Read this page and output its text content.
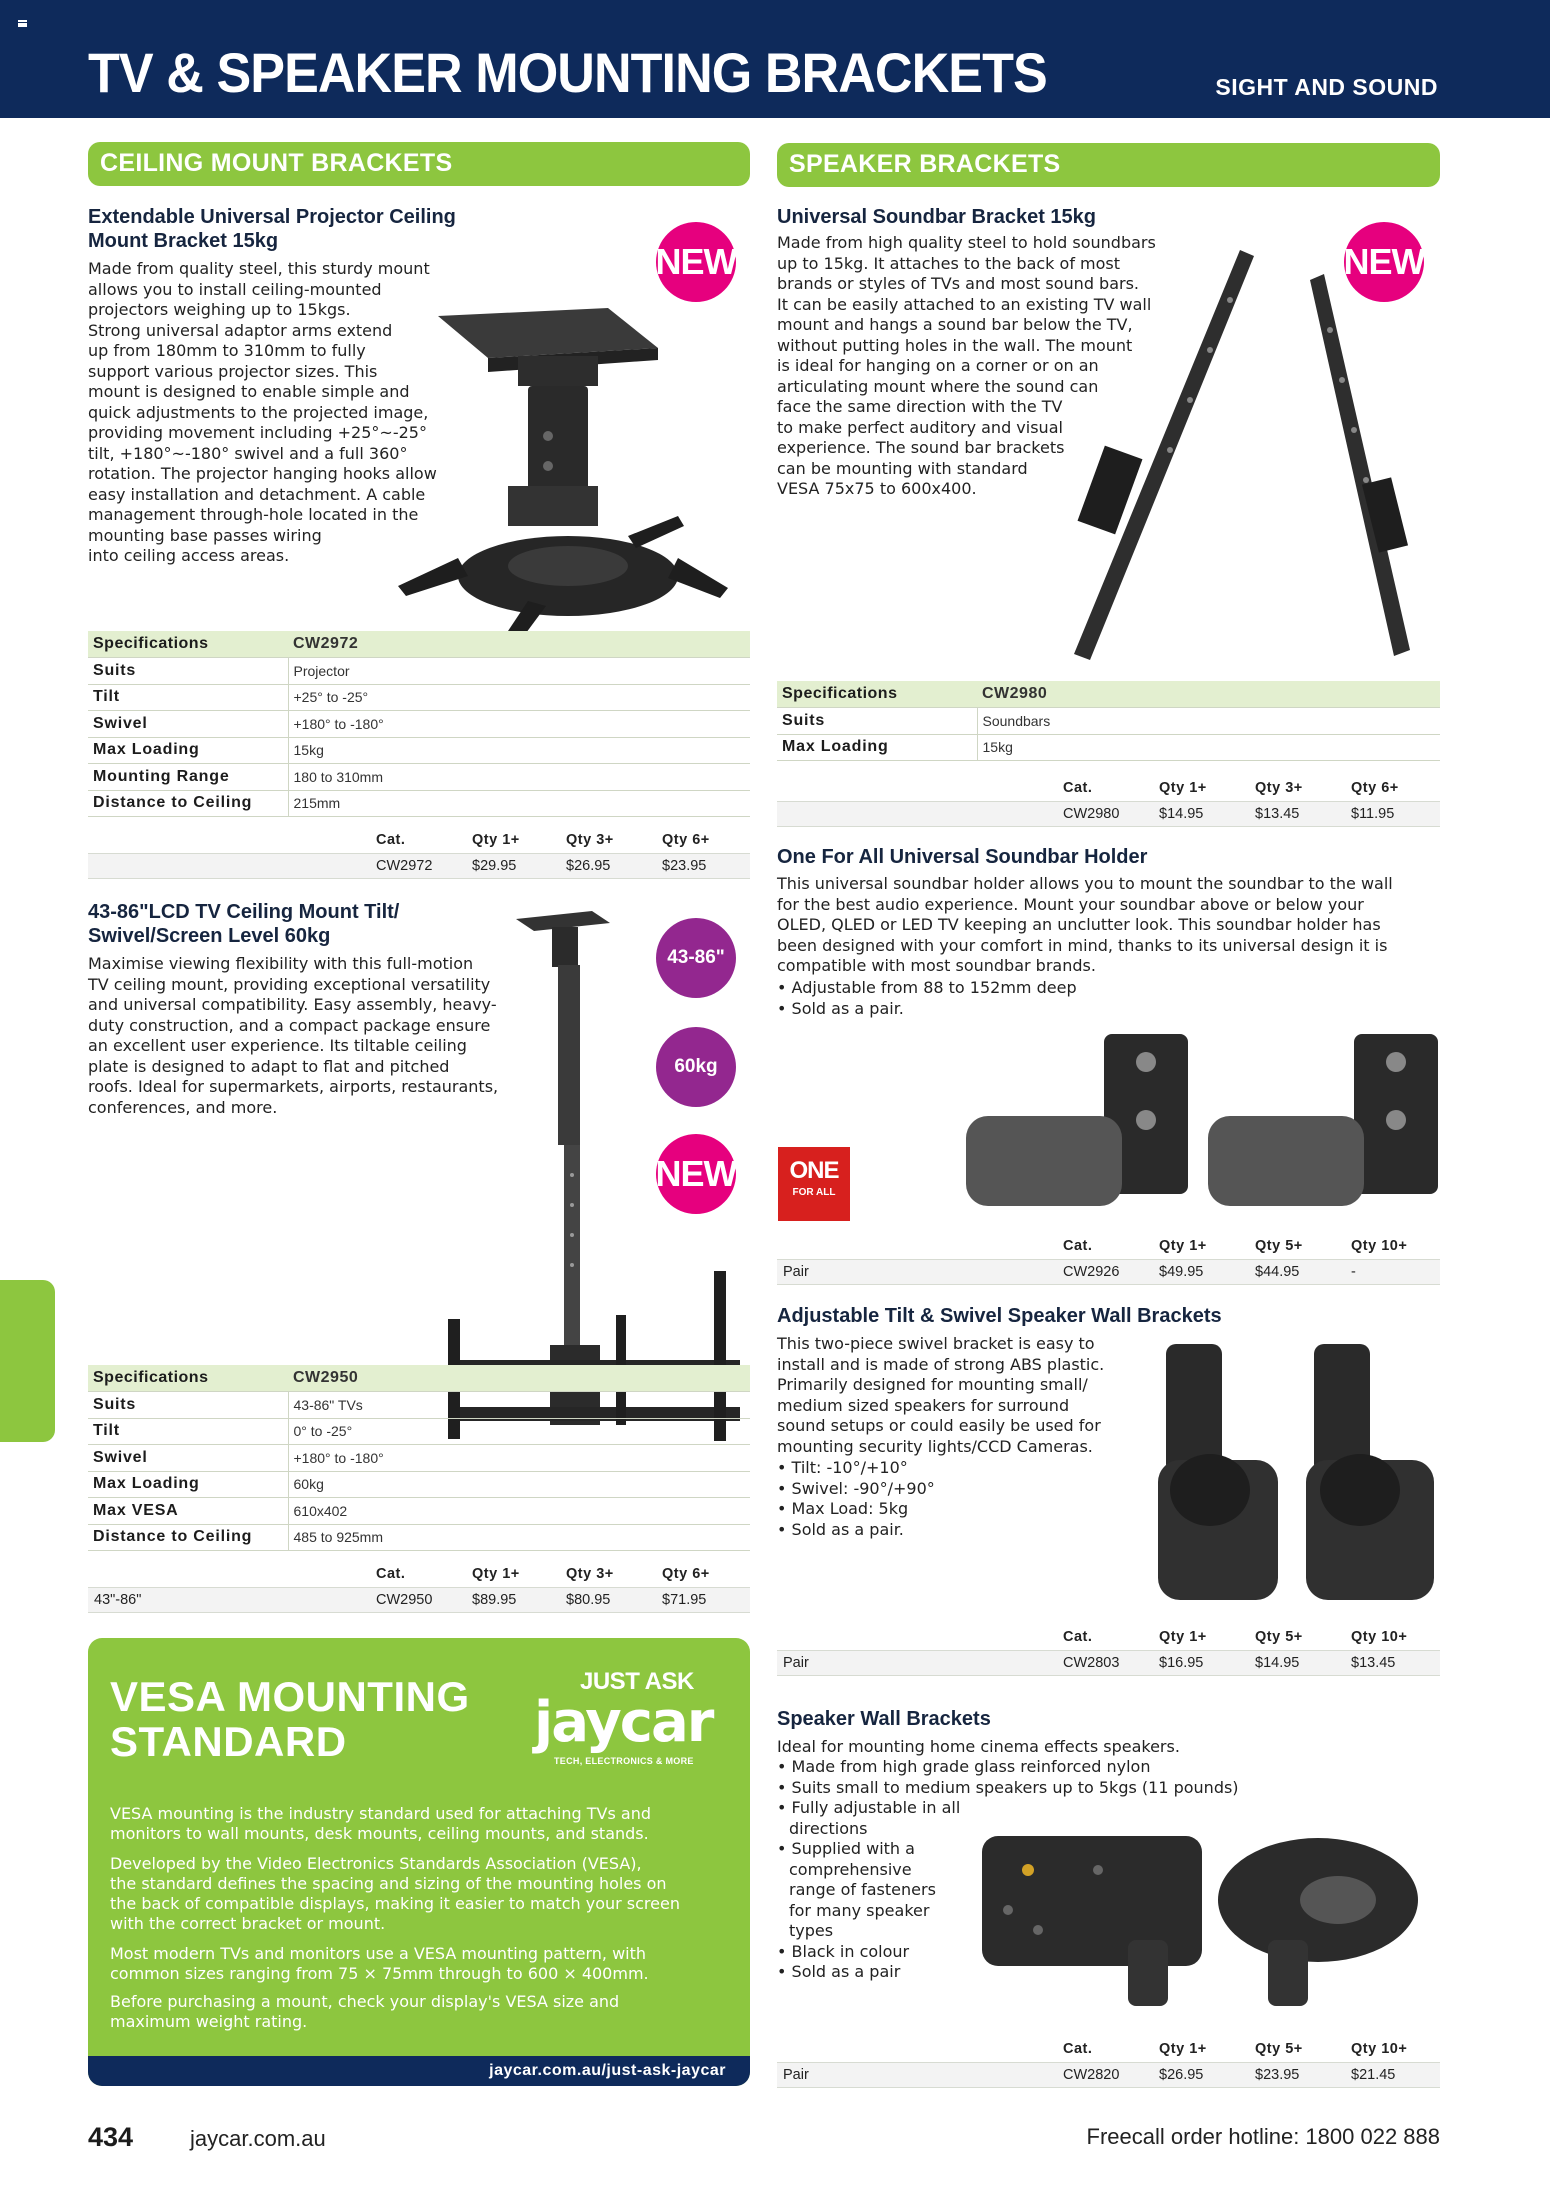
TV & SPEAKER MOUNTING BRACKETS	SIGHT AND SOUND
CEILING MOUNT BRACKETS
Extendable Universal Projector Ceiling
Mount Bracket 15kg	NEW
Made from quality steel, this sturdy mount
allows you to install ceiling-mounted
projectors weighing up to 15kgs.
Strong universal adaptor arms extend
up from 180mm to 310mm to fully
support various projector sizes. This
mount is designed to enable simple and
quick adjustments to the projected image,
providing movement including +25°~-25°
tilt, +180°~-180° swivel and a full 360°
rotation. The projector hanging hooks allow
easy installation and detachment. A cable
management through-hole located in the
mounting base passes wiring
into ceiling access areas.
Specifications	CW2972
Suits	Projector
Tilt	+25° to -25°
Swivel	+180° to -180°
Max Loading	15kg
Mounting Range	180 to 310mm
Distance to Ceiling	215mm
	Cat.	Qty 1+	Qty 3+	Qty 6+
	CW2972	$29.95	$26.95	$23.95
43-86"LCD TV Ceiling Mount Tilt/
Swivel/Screen Level 60kg
43-86"
60kg
NEW
Maximise viewing flexibility with this full-motion
TV ceiling mount, providing exceptional versatility
and universal compatibility. Easy assembly, heavy-
duty construction, and a compact package ensure
an excellent user experience. Its tiltable ceiling
plate is designed to adapt to flat and pitched
roofs. Ideal for supermarkets, airports, restaurants,
conferences, and more.
Specifications	CW2950
Suits	43-86" TVs
Tilt	0° to -25°
Swivel	+180° to -180°
Max Loading	60kg
Max VESA	610x402
Distance to Ceiling	485 to 925mm
	Cat.	Qty 1+	Qty 3+	Qty 6+
43"-86"	CW2950	$89.95	$80.95	$71.95
VESA MOUNTING
STANDARD
JUST ASK
jaycar
TECH, ELECTRONICS & MORE
VESA mounting is the industry standard used for attaching TVs and
monitors to wall mounts, desk mounts, ceiling mounts, and stands.
Developed by the Video Electronics Standards Association (VESA),
the standard defines the spacing and sizing of the mounting holes on
the back of compatible displays, making it easier to match your screen
with the correct bracket or mount.
Most modern TVs and monitors use a VESA mounting pattern, with
common sizes ranging from 75 × 75mm through to 600 × 400mm.
Before purchasing a mount, check your display's VESA size and
maximum weight rating.
jaycar.com.au/just-ask-jaycar
SPEAKER BRACKETS
Universal Soundbar Bracket 15kg
NEW
Made from high quality steel to hold soundbars
up to 15kg. It attaches to the back of most
brands or styles of TVs and most sound bars.
It can be easily attached to an existing TV wall
mount and hangs a sound bar below the TV,
without putting holes in the wall. The mount
is ideal for hanging on a corner or on an
articulating mount where the sound can
face the same direction with the TV
to make perfect auditory and visual
experience. The sound bar brackets
can be mounting with standard
VESA 75x75 to 600x400.
Specifications	CW2980
Suits	Soundbars
Max Loading	15kg
	Cat.	Qty 1+	Qty 3+	Qty 6+
	CW2980	$14.95	$13.45	$11.95
One For All Universal Soundbar Holder
This universal soundbar holder allows you to mount the soundbar to the wall
for the best audio experience. Mount your soundbar above or below your
OLED, QLED or LED TV keeping an unclutter look. This soundbar holder has
been designed with your comfort in mind, thanks to its universal design it is
compatible with most soundbar brands.
• Adjustable from 88 to 152mm deep
• Sold as a pair.
ONE
FOR ALL
	Cat.	Qty 1+	Qty 5+	Qty 10+
Pair	CW2926	$49.95	$44.95	-
Adjustable Tilt & Swivel Speaker Wall Brackets
This two-piece swivel bracket is easy to
install and is made of strong ABS plastic.
Primarily designed for mounting small/
medium sized speakers for surround
sound setups or could easily be used for
mounting security lights/CCD Cameras.
• Tilt: -10°/+10°
• Swivel: -90°/+90°
• Max Load: 5kg
• Sold as a pair.
	Cat.	Qty 1+	Qty 5+	Qty 10+
Pair	CW2803	$16.95	$14.95	$13.45
Speaker Wall Brackets
Ideal for mounting home cinema effects speakers.
• Made from high grade glass reinforced nylon
• Suits small to medium speakers up to 5kgs (11 pounds)
• Fully adjustable in all
directions
• Supplied with a
comprehensive
range of fasteners
for many speaker
types
• Black in colour
• Sold as a pair
	Cat.	Qty 1+	Qty 5+	Qty 10+
Pair	CW2820	$26.95	$23.95	$21.45
434	jaycar.com.au	Freecall order hotline: 1800 022 888
